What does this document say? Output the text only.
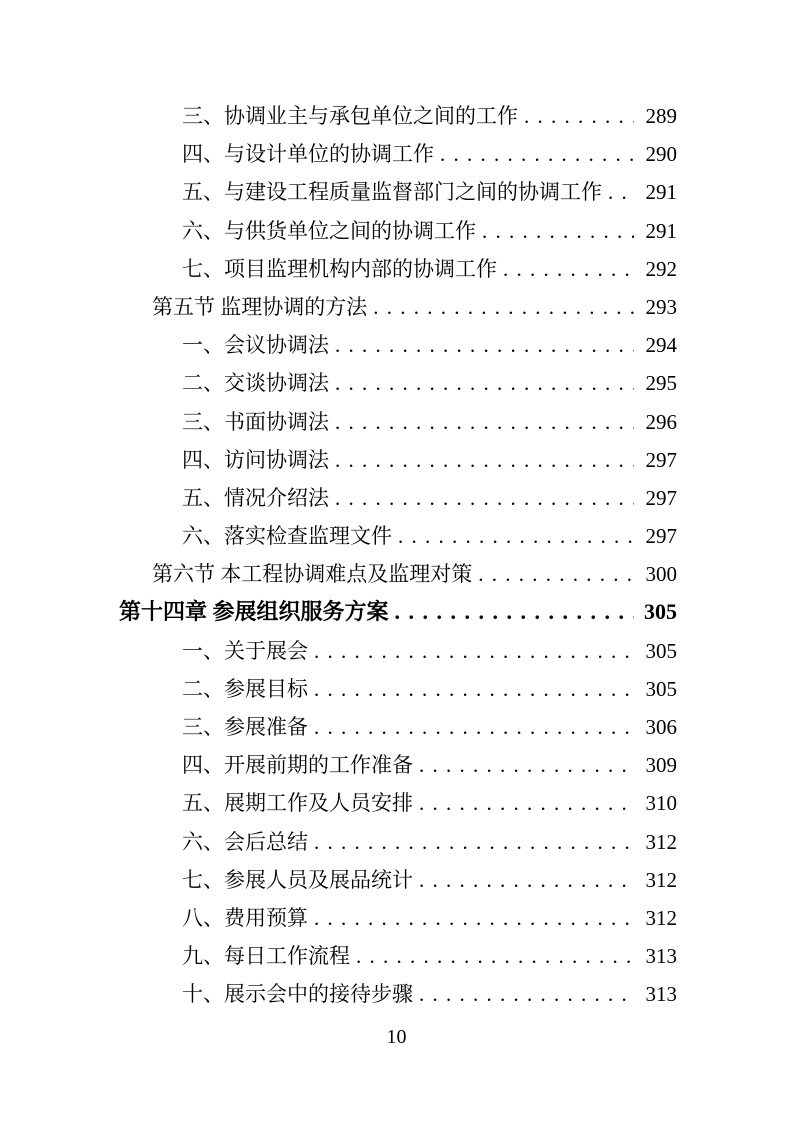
三、协调业主与承包单位之间的工作 . . .	289
四、与设计单位的协调工作 . . .	290
五、与建设工程质量监督部门之间的协调工作 . . .	291
六、与供货单位之间的协调工作 . . .	291
七、项目监理机构内部的协调工作 . . .	292
第五节 监理协调的方法 . . .	293
一、会议协调法 . . .	294
二、交谈协调法 . . .	295
三、书面协调法 . . .	296
四、访问协调法 . . .	297
五、情况介绍法 . . .	297
六、落实检查监理文件 . . .	297
第六节 本工程协调难点及监理对策 . . .	300
第十四章 参展组织服务方案 . . .	305
一、关于展会 . . .	305
二、参展目标 . . .	305
三、参展准备 . . .	306
四、开展前期的工作准备 . . .	309
五、展期工作及人员安排 . . .	310
六、会后总结 . . .	312
七、参展人员及展品统计 . . .	312
八、费用预算 . . .	312
九、每日工作流程 . . .	313
十、展示会中的接待步骤 . . .	313
10
